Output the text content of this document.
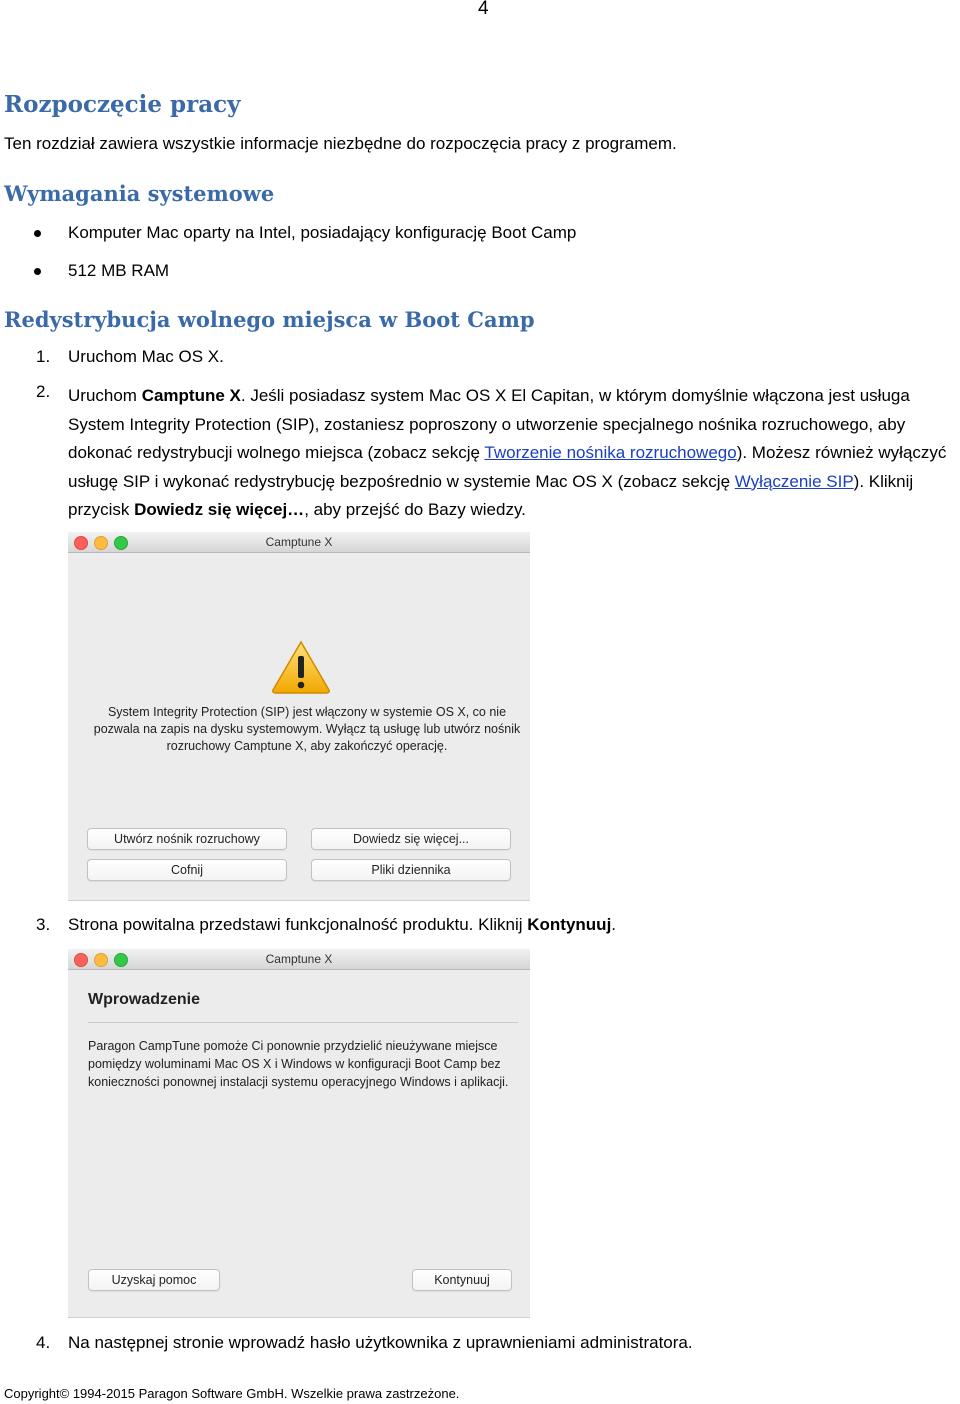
4
Rozpoczęcie pracy
Ten rozdział zawiera wszystkie informacje niezbędne do rozpoczęcia pracy z programem.
Wymagania systemowe
Komputer Mac oparty na Intel, posiadający konfigurację Boot Camp
512 MB RAM
Redystrybucja wolnego miejsca w Boot Camp
1. Uruchom Mac OS X.
2. Uruchom Camptune X. Jeśli posiadasz system Mac OS X El Capitan, w którym domyślnie włączona jest usługa System Integrity Protection (SIP), zostaniesz poproszony o utworzenie specjalnego nośnika rozruchowego, aby dokonać redystrybucji wolnego miejsca (zobacz sekcję Tworzenie nośnika rozruchowego). Możesz również wyłączyć usługę SIP i wykonać redystrybucję bezpośrednio w systemie Mac OS X (zobacz sekcję Wyłączenie SIP). Kliknij przycisk Dowiedz się więcej…, aby przejść do Bazy wiedzy.
Camptune X
System Integrity Protection (SIP) jest włączony w systemie OS X, co nie pozwala na zapis na dysku systemowym. Wyłącz tą usługę lub utwórz nośnik rozruchowy Camptune X, aby zakończyć operację.
Utwórz nośnik rozruchowy	Dowiedz się więcej...
Cofnij	Pliki dziennika
3. Strona powitalna przedstawi funkcjonalność produktu. Kliknij Kontynuuj.
Camptune X
Wprowadzenie
Paragon CampTune pomoże Ci ponownie przydzielić nieużywane miejsce pomiędzy woluminami Mac OS X i Windows w konfiguracji Boot Camp bez konieczności ponownej instalacji systemu operacyjnego Windows i aplikacji.
Uzyskaj pomoc	Kontynuuj
4. Na następnej stronie wprowadź hasło użytkownika z uprawnieniami administratora.
Copyright© 1994-2015 Paragon Software GmbH. Wszelkie prawa zastrzeżone.
